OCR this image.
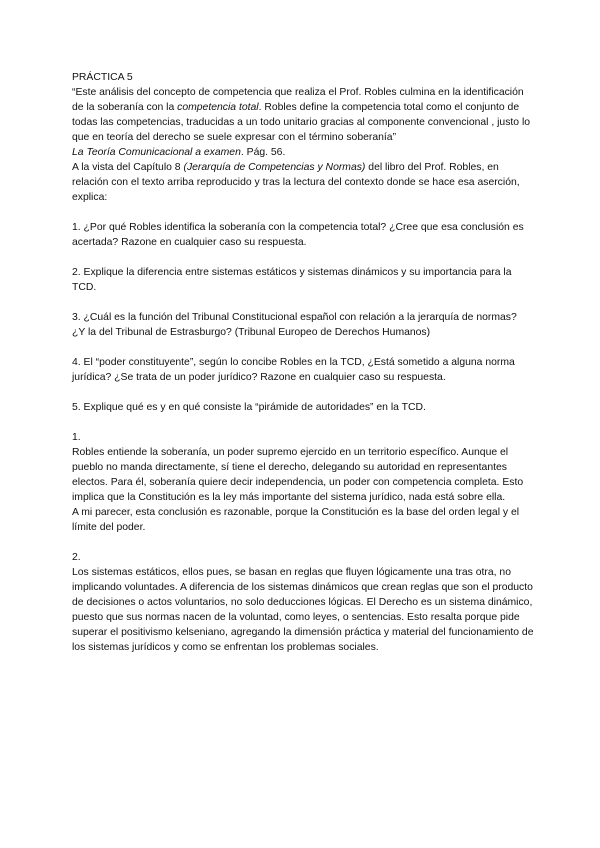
PRÁCTICA 5

“Este análisis del concepto de competencia que realiza el Prof. Robles culmina en la identificación de la soberanía con la competencia total. Robles define la competencia total como el conjunto de todas las competencias, traducidas a un todo unitario gracias al componente convencional , justo lo que en teoría del derecho se suele expresar con el término soberanía”

La Teoría Comunicacional a examen. Pág. 56.

A la vista del Capítulo 8 (Jerarquía de Competencias y Normas) del libro del Prof. Robles, en relación con el texto arriba reproducido y tras la lectura del contexto donde se hace esa aserción, explica:

1. ¿Por qué Robles identifica la soberanía con la competencia total? ¿Cree que esa conclusión es acertada? Razone en cualquier caso su respuesta.

2. Explique la diferencia entre sistemas estáticos y sistemas dinámicos y su importancia para la TCD.

3. ¿Cuál es la función del Tribunal Constitucional español con relación a la jerarquía de normas?

¿Y la del Tribunal de Estrasburgo? (Tribunal Europeo de Derechos Humanos)

4. El “poder constituyente”, según lo concibe Robles en la TCD, ¿Está sometido a alguna norma jurídica? ¿Se trata de un poder jurídico? Razone en cualquier caso su respuesta.

5. Explique qué es y en qué consiste la “pirámide de autoridades” en la TCD.

1.

Robles entiende la soberanía, un poder supremo ejercido en un territorio específico. Aunque el pueblo no manda directamente, sí tiene el derecho, delegando su autoridad en representantes electos. Para él, soberanía quiere decir independencia, un poder con competencia completa. Esto implica que la Constitución es la ley más importante del sistema jurídico, nada está sobre ella.

A mi parecer, esta conclusión es razonable, porque la Constitución es la base del orden legal y el límite del poder.

2.

Los sistemas estáticos, ellos pues, se basan en reglas que fluyen lógicamente una tras otra, no implicando voluntades. A diferencia de los sistemas dinámicos que crean reglas que son el producto de decisiones o actos voluntarios, no solo deducciones lógicas. El Derecho es un sistema dinámico, puesto que sus normas nacen de la voluntad, como leyes, o sentencias. Esto resalta porque pide superar el positivismo kelseniano, agregando la dimensión práctica y material del funcionamiento de los sistemas jurídicos y como se enfrentan los problemas sociales.
